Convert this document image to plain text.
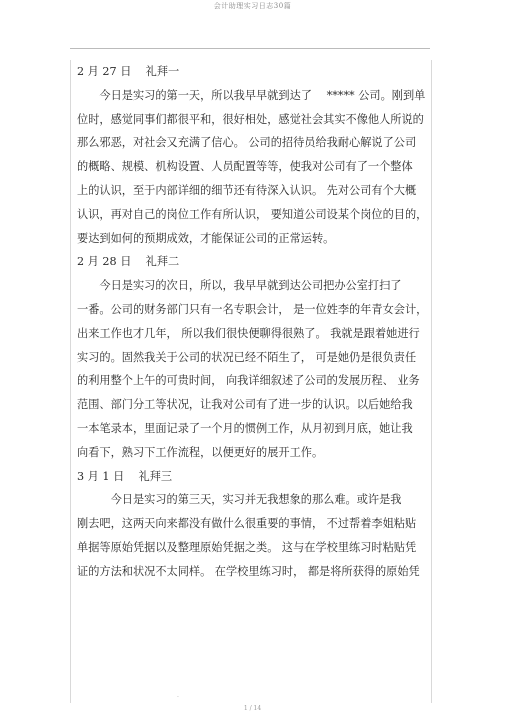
会计助理实习日志30篇
2 月 27 日 礼拜一
　　今日是实习的第一天，所以我早早就到达了　 ***** 公司。刚到单
位时，感觉同事们都很平和，很好相处，感觉社会其实不像他人所说的
那么邪恶，对社会又充满了信心。 公司的招待员给我耐心解说了公司
的概略、规模、机构设置、人员配置等等，使我对公司有了一个整体
上的认识，至于内部详细的细节还有待深入认识。 先对公司有个大概
认识，再对自己的岗位工作有所认识， 要知道公司设某个岗位的目的，
要达到如何的预期成效，才能保证公司的正常运转。
2 月 28 日 礼拜二
　　今日是实习的次日，所以，我早早就到达公司把办公室打扫了
一番。公司的财务部门只有一名专职会计， 是一位姓李的年青女会计，
出来工作也才几年， 所以我们很快便聊得很熟了。 我就是跟着她进行
实习的。固然我关于公司的状况已经不陌生了， 可是她仍是很负责任
的利用整个上午的可贵时间， 向我详细叙述了公司的发展历程、 业务
范围、部门分工等状况，让我对公司有了进一步的认识。以后她给我
一本笔录本，里面记录了一个月的惯例工作，从月初到月底，她让我
向看下，熟习下工作流程，以便更好的展开工作。
3 月 1 日 礼拜三
　　　今日是实习的第三天，实习并无我想象的那么难。或许是我
刚去吧，这两天向来都没有做什么很重要的事情， 不过帮着李姐粘贴
单据等原始凭据以及整理原始凭据之类。 这与在学校里练习时粘贴凭
证的方法和状况不太同样。 在学校里练习时， 都是将所获得的原始凭
.
1 / 14
